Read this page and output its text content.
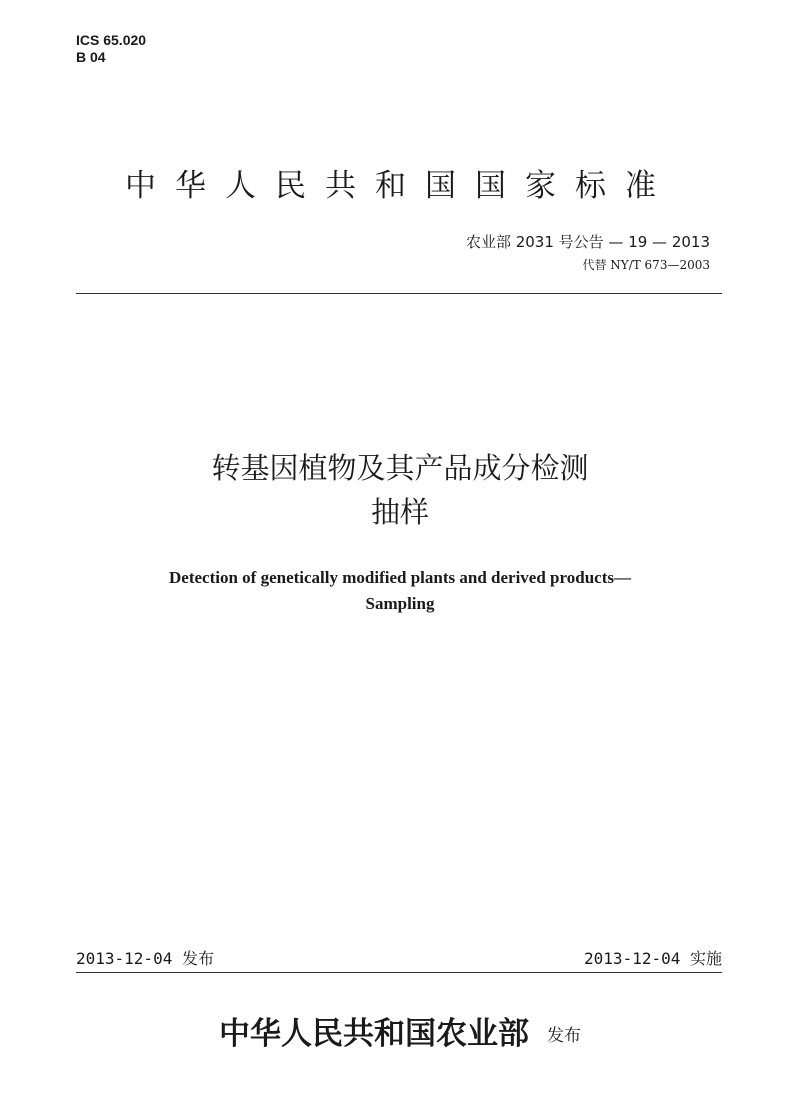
ICS 65.020
B 04
中华人民共和国国家标准
农业部 2031 号公告 — 19 — 2013
代替 NY/T 673—2003
转基因植物及其产品成分检测
抽样
Detection of genetically modified plants and derived products—
Sampling
2013-12-04 发布	2013-12-04 实施
中华人民共和国农业部 发布
